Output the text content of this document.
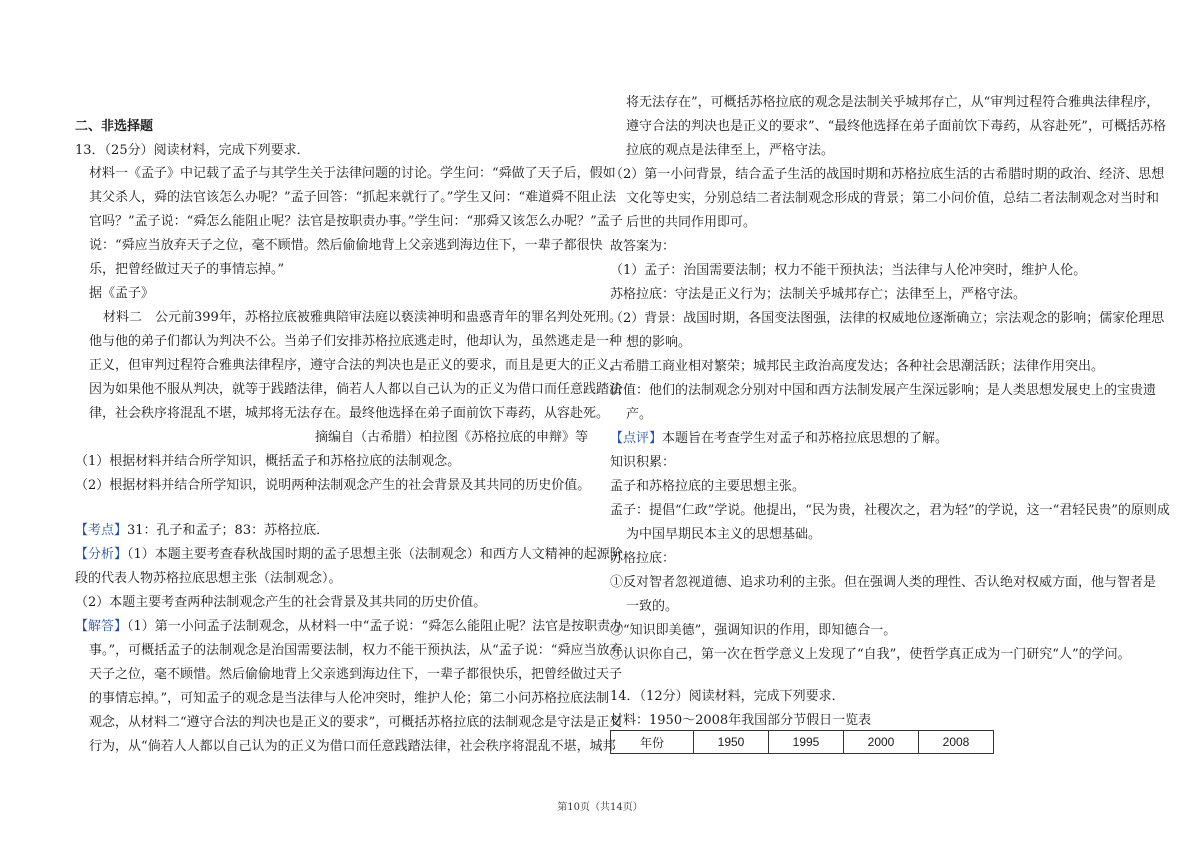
二、非选择题
13．（25分）阅读材料，完成下列要求．
材料一《孟子》中记载了孟子与其学生关于法律问题的讨论。学生问：“舜做了天子后，假如
其父杀人，舜的法官该怎么办呢？”孟子回答：“抓起来就行了。”学生又问：“难道舜不阻止法
官吗？”孟子说：“舜怎么能阻止呢？法官是按职责办事。”学生问：“那舜又该怎么办呢？”孟子
说：“舜应当放弃天子之位，毫不顾惜。然后偷偷地背上父亲逃到海边住下，一辈子都很快
乐，把曾经做过天子的事情忘掉。”
据《孟子》
材料二　公元前399年，苏格拉底被雅典陪审法庭以亵渎神明和蛊惑青年的罪名判处死刑。
他与他的弟子们都认为判决不公。当弟子们安排苏格拉底逃走时，他却认为，虽然逃走是一种
正义，但审判过程符合雅典法律程序，遵守合法的判决也是正义的要求，而且是更大的正义，
因为如果他不服从判决，就等于践踏法律，倘若人人都以自己认为的正义为借口而任意践踏法
律，社会秩序将混乱不堪，城邦将无法存在。最终他选择在弟子面前饮下毒药，从容赴死。
摘编自（古希腊）柏拉图《苏格拉底的申辩》等
（1）根据材料并结合所学知识，概括孟子和苏格拉底的法制观念。
（2）根据材料并结合所学知识，说明两种法制观念产生的社会背景及其共同的历史价值。
【考点】31：孔子和孟子；83：苏格拉底．
【分析】（1）本题主要考查春秋战国时期的孟子思想主张（法制观念）和西方人文精神的起源阶
段的代表人物苏格拉底思想主张（法制观念）。
（2）本题主要考查两种法制观念产生的社会背景及其共同的历史价值。
【解答】（1）第一小问孟子法制观念，从材料一中“孟子说：“舜怎么能阻止呢？法官是按职责办
事。”，可概括孟子的法制观念是治国需要法制，权力不能干预执法，从“孟子说：“舜应当放弃
天子之位，毫不顾惜。然后偷偷地背上父亲逃到海边住下，一辈子都很快乐，把曾经做过天子
的事情忘掉。”，可知孟子的观念是当法律与人伦冲突时，维护人伦；第二小问苏格拉底法制
观念，从材料二“遵守合法的判决也是正义的要求”，可概括苏格拉底的法制观念是守法是正义
行为，从“倘若人人都以自己认为的正义为借口而任意践踏法律，社会秩序将混乱不堪，城邦
将无法存在”，可概括苏格拉底的观念是法制关乎城邦存亡，从“审判过程符合雅典法律程序，
遵守合法的判决也是正义的要求”、“最终他选择在弟子面前饮下毒药，从容赴死”，可概括苏格
拉底的观点是法律至上，严格守法。
（2）第一小问背景，结合孟子生活的战国时期和苏格拉底生活的古希腊时期的政治、经济、思想
文化等史实，分别总结二者法制观念形成的背景；第二小问价值，总结二者法制观念对当时和
后世的共同作用即可。
故答案为：
（1）孟子：治国需要法制；权力不能干预执法；当法律与人伦冲突时，维护人伦。
苏格拉底：守法是正义行为；法制关乎城邦存亡；法律至上，严格守法。
（2）背景：战国时期，各国变法图强，法律的权威地位逐渐确立；宗法观念的影响；儒家伦理思
想的影响。
古希腊工商业相对繁荣；城邦民主政治高度发达；各种社会思潮活跃；法律作用突出。
价值：他们的法制观念分别对中国和西方法制发展产生深远影响；是人类思想发展史上的宝贵遗
产。
【点评】本题旨在考查学生对孟子和苏格拉底思想的了解。
知识积累：
孟子和苏格拉底的主要思想主张。
孟子：提倡“仁政”学说。他提出，“民为贵，社稷次之，君为轻”的学说，这一“君轻民贵”的原则成
为中国早期民本主义的思想基础。
苏格拉底：
①反对智者忽视道德、追求功利的主张。但在强调人类的理性、否认绝对权威方面，他与智者是
一致的。
②“知识即美德”，强调知识的作用，即知德合一。
③认识你自己，第一次在哲学意义上发现了“自我”，使哲学真正成为一门研究“人”的学问。
14．（12分）阅读材料，完成下列要求．
材料：1950～2008年我国部分节假日一览表
年份	1950	1995	2000	2008
第10页（共14页）
